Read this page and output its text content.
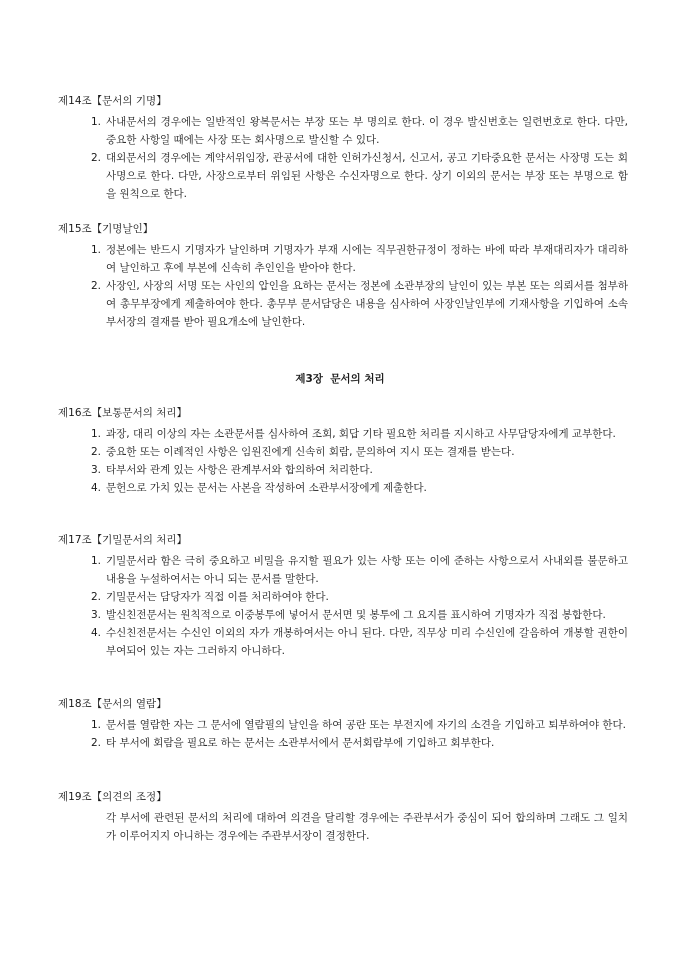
제14조【문서의 기명】
1. 사내문서의 경우에는 일반적인 왕복문서는 부장 또는 부 명의로 한다. 이 경우 발신번호는 일련번호로 한다. 다만, 중요한 사항일 때에는 사장 또는 회사명으로 발신할 수 있다.
2. 대외문서의 경우에는 계약서위임장, 관공서에 대한 인허가신청서, 신고서, 공고 기타중요한 문서는 사장명 도는 회사명으로 한다. 다만, 사장으로부터 위임된 사항은 수신자명으로 한다. 상기 이외의 문서는 부장 또는 부명으로 함을 원칙으로 한다.
제15조【기명날인】
1. 정본에는 반드시 기명자가 날인하며 기명자가 부재 시에는 직무권한규정이 정하는 바에 따라 부재대리자가 대리하여 날인하고 후에 부본에 신속히 추인인을 받아야 한다.
2. 사장인, 사장의 서명 또는 사인의 압인을 요하는 문서는 정본에 소관부장의 날인이 있는 부본 또는 의뢰서를 첨부하여 총무부장에게 제출하여야 한다. 총무부 문서담당은 내용을 심사하여 사장인날인부에 기재사항을 기입하여 소속부서장의 결재를 받아 필요개소에 날인한다.
제3장  문서의 처리
제16조【보통문서의 처리】
1. 과장, 대리 이상의 자는 소관문서를 심사하여 조회, 회답 기타 필요한 처리를 지시하고 사무담당자에게 교부한다.
2. 중요한 또는 이례적인 사항은 임원진에게 신속히 회람, 문의하여 지시 또는 결재를 받는다.
3. 타부서와 관계 있는 사항은 관계부서와 합의하여 처리한다.
4. 문헌으로 가치 있는 문서는 사본을 작성하여 소관부서장에게 제출한다.
제17조【기밀문서의 처리】
1. 기밀문서라 함은 극히 중요하고 비밀을 유지할 필요가 있는 사항 또는 이에 준하는 사항으로서 사내외를 불문하고 내용을 누설하여서는 아니 되는 문서를 말한다.
2. 기밀문서는 담당자가 직접 이를 처리하여야 한다.
3. 발신친전문서는 원칙적으로 이중봉투에 넣어서 문서면 및 봉투에 그 요지를 표시하여 기명자가 직접 봉합한다.
4. 수신친전문서는 수신인 이외의 자가 개봉하여서는 아니 된다. 다만, 직무상 미리 수신인에 갈음하여 개봉할 권한이 부여되어 있는 자는 그러하지 아니하다.
제18조【문서의 열람】
1. 문서를 열람한 자는 그 문서에 열람필의 날인을 하여 공란 또는 부전지에 자기의 소견을 기입하고 퇴부하여야 한다.
2. 타 부서에 회람을 필요로 하는 문서는 소관부서에서 문서회람부에 기입하고 회부한다.
제19조【의견의 조정】

각 부서에 관련된 문서의 처리에 대하여 의견을 달리할 경우에는 주관부서가 중심이 되어 합의하며 그래도 그 일치가 이루어지지 아니하는 경우에는 주관부서장이 결정한다.
